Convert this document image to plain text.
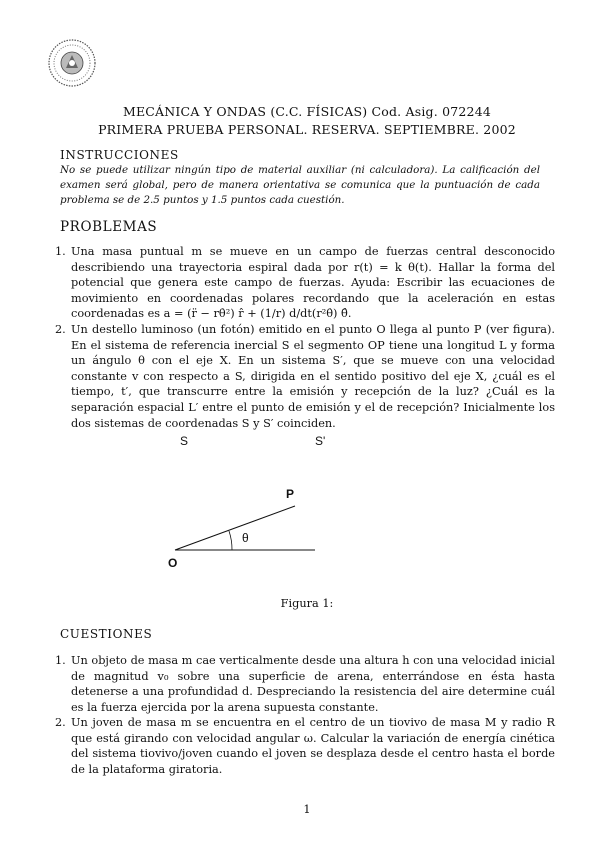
MECÁNICA Y ONDAS (C.C. FÍSICAS) Cod. Asig. 072244
PRIMERA PRUEBA PERSONAL. RESERVA. SEPTIEMBRE. 2002
INSTRUCCIONES
No se puede utilizar ningún tipo de material auxiliar (ni calculadora). La calificación del examen será global, pero de manera orientativa se comunica que la puntuación de cada problema se de 2.5 puntos y 1.5 puntos cada cuestión.
PROBLEMAS
1. Una masa puntual m se mueve en un campo de fuerzas central desconocido describiendo una trayectoria espiral dada por r(t) = k θ(t). Hallar la forma del potencial que genera este campo de fuerzas. Ayuda: Escribir las ecuaciones de movimiento en coordenadas polares recordando que la aceleración en estas coordenadas es a = (r̈ − rθ̇²) r̂ + (1/r) d/dt(r²θ̇) θ̂.
2. Un destello luminoso (un fotón) emitido en el punto O llega al punto P (ver figura). En el sistema de referencia inercial S el segmento OP tiene una longitud L y forma un ángulo θ con el eje X. En un sistema S′, que se mueve con una velocidad constante v con respecto a S, dirigida en el sentido positivo del eje X, ¿cuál es el tiempo, t′, que transcurre entre la emisión y recepción de la luz? ¿Cuál es la separación espacial L′ entre el punto de emisión y el de recepción? Inicialmente los dos sistemas de coordenadas S y S′ coinciden.
S	S'
P
O
θ
Figura 1:
CUESTIONES
1. Un objeto de masa m cae verticalmente desde una altura h con una velocidad inicial de magnitud v₀ sobre una superficie de arena, enterrándose en ésta hasta detenerse a una profundidad d. Despreciando la resistencia del aire determine cuál es la fuerza ejercida por la arena supuesta constante.
2. Un joven de masa m se encuentra en el centro de un tiovivo de masa M y radio R que está girando con velocidad angular ω. Calcular la variación de energía cinética del sistema tiovivo/joven cuando el joven se desplaza desde el centro hasta el borde de la plataforma giratoria.
1
